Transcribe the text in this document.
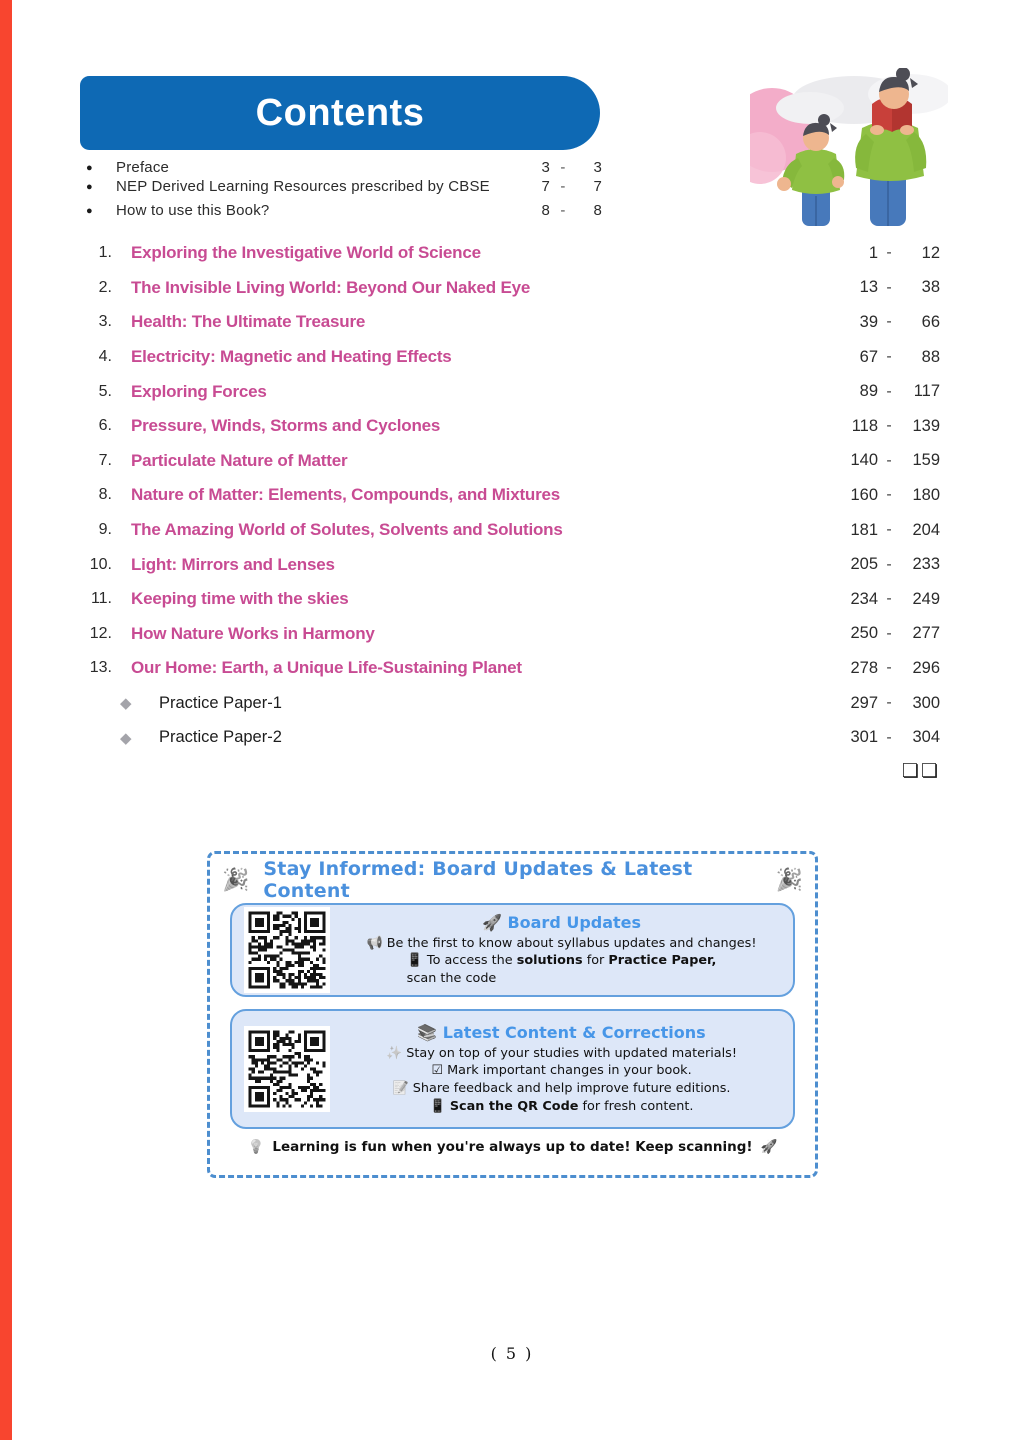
Contents
●	Preface	3 -	3
●	NEP Derived Learning Resources prescribed by CBSE	7 -	7
●	How to use this Book?	8 -	8
1. Exploring the Investigative World of Science	1 -	12
2. The Invisible Living World: Beyond Our Naked Eye	13 -	38
3. Health: The Ultimate Treasure	39 -	66
4. Electricity: Magnetic and Heating Effects	67 -	88
5. Exploring Forces	89 -	117
6. Pressure, Winds, Storms and Cyclones	118 -	139
7. Particulate Nature of Matter	140 -	159
8. Nature of Matter: Elements, Compounds, and Mixtures	160 -	180
9. The Amazing World of Solutes, Solvents and Solutions	181 -	204
10. Light: Mirrors and Lenses	205 -	233
11. Keeping time with the skies	234 -	249
12. How Nature Works in Harmony	250 -	277
13. Our Home: Earth, a Unique Life-Sustaining Planet	278 -	296
◆	Practice Paper-1	297 -	300
◆	Practice Paper-2	301 -	304
❏❏
🎉 Stay Informed: Board Updates & Latest Content	🎉
🚀 Board Updates
📢 Be the first to know about syllabus updates and changes!
📱 To access the solutions for Practice Paper,
scan the code
📚 Latest Content & Corrections
✨ Stay on top of your studies with updated materials!
☑ Mark important changes in your book.
📝 Share feedback and help improve future editions.
📱 Scan the QR Code for fresh content.
💡 Learning is fun when you're always up to date! Keep scanning! 🚀
( 5 )
